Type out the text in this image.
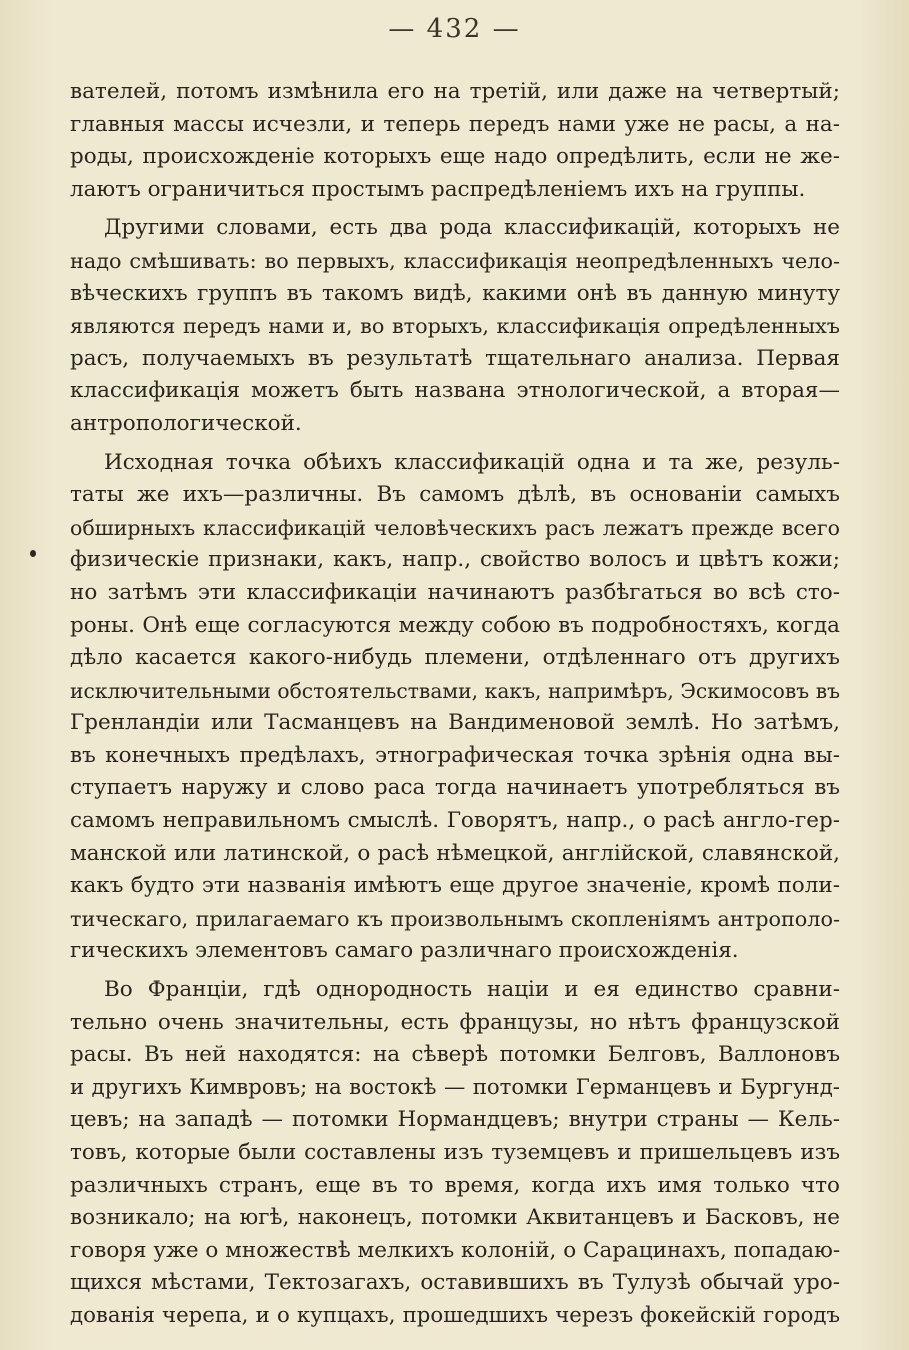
— 432 —
вателей, потомъ измѣнила его на третій, или даже на четвертый;
главныя массы исчезли, и теперь передъ нами уже не расы, а на-
роды, происхожденіе которыхъ еще надо опредѣлить, если не же-
лаютъ ограничиться простымъ распредѣленіемъ ихъ на группы.
Другими словами, есть два рода классификацій, которыхъ не
надо смѣшивать: во первыхъ, классификація неопредѣленныхъ чело-
вѣческихъ группъ въ такомъ видѣ, какими онѣ въ данную минуту
являются передъ нами и, во вторыхъ, классификація опредѣленныхъ
расъ, получаемыхъ въ результатѣ тщательнаго анализа. Первая
классификація можетъ быть названа этнологической, а вторая—
антропологической.
Исходная точка обѣихъ классификацій одна и та же, резуль-
таты же ихъ—различны. Въ самомъ дѣлѣ, въ основаніи самыхъ
обширныхъ классификацій человѣческихъ расъ лежатъ прежде всего
физическіе признаки, какъ, напр., свойство волосъ и цвѣтъ кожи;
но затѣмъ эти классификаціи начинаютъ разбѣгаться во всѣ сто-
роны. Онѣ еще согласуются между собою въ подробностяхъ, когда
дѣло касается какого-нибудь племени, отдѣленнаго отъ другихъ
исключительными обстоятельствами, какъ, напримѣръ, Эскимосовъ въ
Гренландіи или Тасманцевъ на Вандименовой землѣ. Но затѣмъ,
въ конечныхъ предѣлахъ, этнографическая точка зрѣнія одна вы-
ступаетъ наружу и слово раса тогда начинаетъ употребляться въ
самомъ неправильномъ смыслѣ. Говорятъ, напр., о расѣ англо-гер-
манской или латинской, о расѣ нѣмецкой, англійской, славянской,
какъ будто эти названія имѣютъ еще другое значеніе, кромѣ поли-
тическаго, прилагаемаго къ произвольнымъ скопленіямъ антрополо-
гическихъ элементовъ самаго различнаго происхожденія.
Во Франціи, гдѣ однородность націи и ея единство сравни-
тельно очень значительны, есть французы, но нѣтъ французской
расы. Въ ней находятся: на сѣверѣ потомки Белговъ, Валлоновъ
и другихъ Кимвровъ; на востокѣ — потомки Германцевъ и Бургунд-
цевъ; на западѣ — потомки Нормандцевъ; внутри страны — Кель-
товъ, которые были составлены изъ туземцевъ и пришельцевъ изъ
различныхъ странъ, еще въ то время, когда ихъ имя только что
возникало; на югѣ, наконецъ, потомки Аквитанцевъ и Басковъ, не
говоря уже о множествѣ мелкихъ колоній, о Сарацинахъ, попадаю-
щихся мѣстами, Тектозагахъ, оставившихъ въ Тулузѣ обычай уро-
дованія черепа, и о купцахъ, прошедшихъ черезъ фокейскій городъ
